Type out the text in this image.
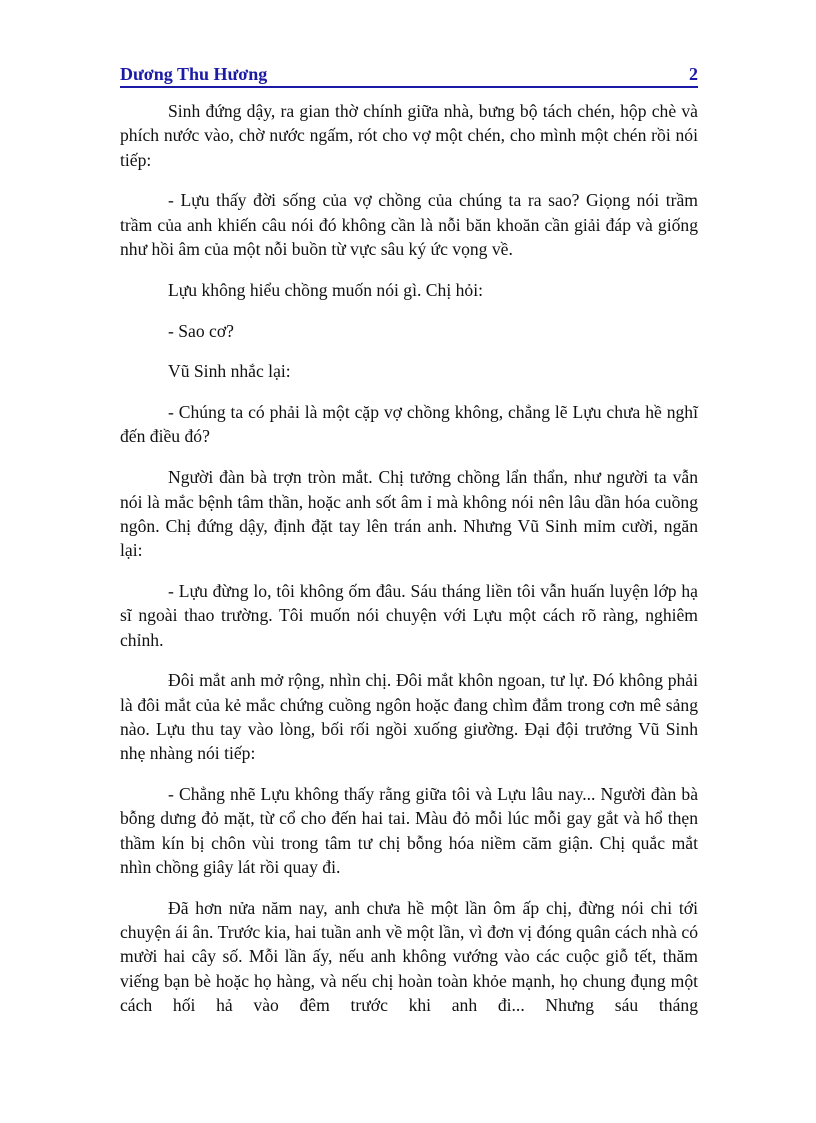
Dương Thu Hương	2

Sinh đứng dậy, ra gian thờ chính giữa nhà, bưng bộ tách chén, hộp chè và phích nước vào, chờ nước ngấm, rót cho vợ một chén, cho mình một chén rồi nói tiếp:

- Lựu thấy đời sống của vợ chồng của chúng ta ra sao? Giọng nói trầm trầm của anh khiến câu nói đó không cần là nỗi băn khoăn cần giải đáp và giống như hồi âm của một nỗi buồn từ vực sâu ký ức vọng về.

Lựu không hiểu chồng muốn nói gì. Chị hỏi:

- Sao cơ?

Vũ Sinh nhắc lại:

- Chúng ta có phải là một cặp vợ chồng không, chẳng lẽ Lựu chưa hề nghĩ đến điều đó?

Người đàn bà trợn tròn mắt. Chị tưởng chồng lẩn thẩn, như người ta vẫn nói là mắc bệnh tâm thần, hoặc anh sốt âm ỉ mà không nói nên lâu dần hóa cuồng ngôn. Chị đứng dậy, định đặt tay lên trán anh. Nhưng Vũ Sinh mỉm cười, ngăn lại:

- Lựu đừng lo, tôi không ốm đâu. Sáu tháng liền tôi vẫn huấn luyện lớp hạ sĩ ngoài thao trường. Tôi muốn nói chuyện với Lựu một cách rõ ràng, nghiêm chỉnh.

Đôi mắt anh mở rộng, nhìn chị. Đôi mắt khôn ngoan, tư lự. Đó không phải là đôi mắt của kẻ mắc chứng cuồng ngôn hoặc đang chìm đắm trong cơn mê sảng nào. Lựu thu tay vào lòng, bối rối ngồi xuống giường. Đại đội trưởng Vũ Sinh nhẹ nhàng nói tiếp:

- Chẳng nhẽ Lựu không thấy rằng giữa tôi và Lựu lâu nay... Người đàn bà bỗng dưng đỏ mặt, từ cổ cho đến hai tai. Màu đỏ mỗi lúc mỗi gay gắt và hổ thẹn thầm kín bị chôn vùi trong tâm tư chị bỗng hóa niềm căm giận. Chị quắc mắt nhìn chồng giây lát rồi quay đi.

Đã hơn nửa năm nay, anh chưa hề một lần ôm ấp chị, đừng nói chi tới chuyện ái ân. Trước kia, hai tuần anh về một lần, vì đơn vị đóng quân cách nhà có mười hai cây số. Mỗi lần ấy, nếu anh không vướng vào các cuộc giỗ tết, thăm viếng bạn bè hoặc họ hàng, và nếu chị hoàn toàn khỏe mạnh, họ chung đụng một cách hối hả vào đêm trước khi anh đi... Nhưng sáu tháng
